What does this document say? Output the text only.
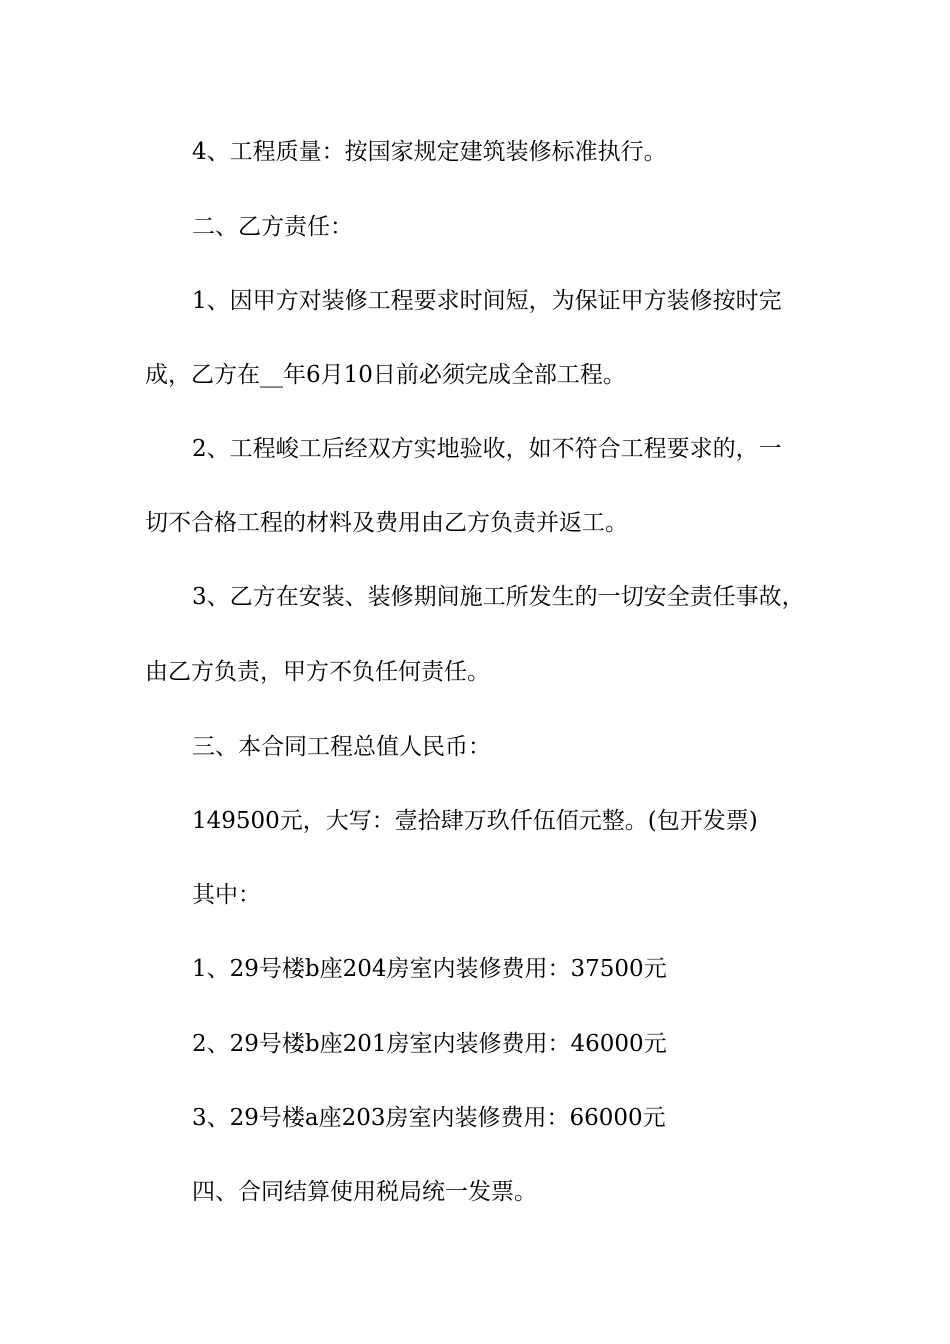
4、工程质量：按国家规定建筑装修标准执行。
二、乙方责任：
1、因甲方对装修工程要求时间短，为保证甲方装修按时完
成，乙方在__年6月10日前必须完成全部工程。
2、工程峻工后经双方实地验收，如不符合工程要求的，一
切不合格工程的材料及费用由乙方负责并返工。
3、乙方在安装、装修期间施工所发生的一切安全责任事故，
由乙方负责，甲方不负任何责任。
三、本合同工程总值人民币：
149500元，大写：壹拾肆万玖仟伍佰元整。(包开发票)
其中：
1、29号楼b座204房室内装修费用：37500元
2、29号楼b座201房室内装修费用：46000元
3、29号楼a座203房室内装修费用：66000元
四、合同结算使用税局统一发票。
